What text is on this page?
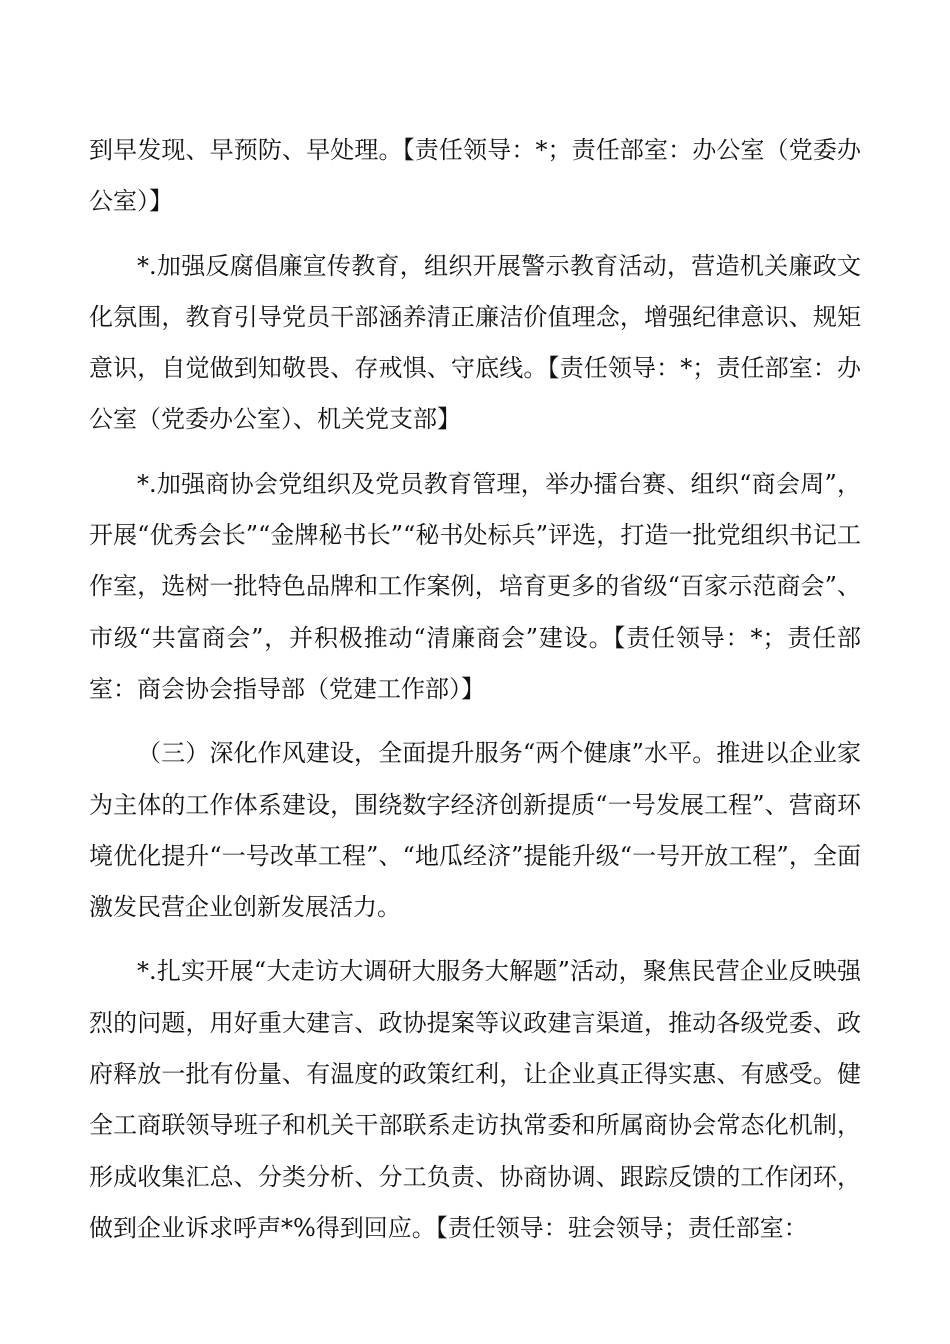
到早发现、早预防、早处理。【责任领导：*；责任部室：办公室（党委办公室）】

*.加强反腐倡廉宣传教育，组织开展警示教育活动，营造机关廉政文化氛围，教育引导党员干部涵养清正廉洁价值理念，增强纪律意识、规矩意识，自觉做到知敬畏、存戒惧、守底线。【责任领导：*；责任部室：办公室（党委办公室）、机关党支部】

*.加强商协会党组织及党员教育管理，举办擂台赛、组织“商会周”，开展“优秀会长”“金牌秘书长”“秘书处标兵”评选，打造一批党组织书记工作室，选树一批特色品牌和工作案例，培育更多的省级“百家示范商会”、市级“共富商会”，并积极推动“清廉商会”建设。【责任领导：*；责任部室：商会协会指导部（党建工作部）】

（三）深化作风建设，全面提升服务“两个健康”水平。推进以企业家为主体的工作体系建设，围绕数字经济创新提质“一号发展工程”、营商环境优化提升“一号改革工程”、“地瓜经济”提能升级“一号开放工程”，全面激发民营企业创新发展活力。

*.扎实开展“大走访大调研大服务大解题”活动，聚焦民营企业反映强烈的问题，用好重大建言、政协提案等议政建言渠道，推动各级党委、政府释放一批有份量、有温度的政策红利，让企业真正得实惠、有感受。健全工商联领导班子和机关干部联系走访执常委和所属商协会常态化机制，形成收集汇总、分类分析、分工负责、协商协调、跟踪反馈的工作闭环，做到企业诉求呼声*%得到回应。【责任领导：驻会领导；责任部室：
